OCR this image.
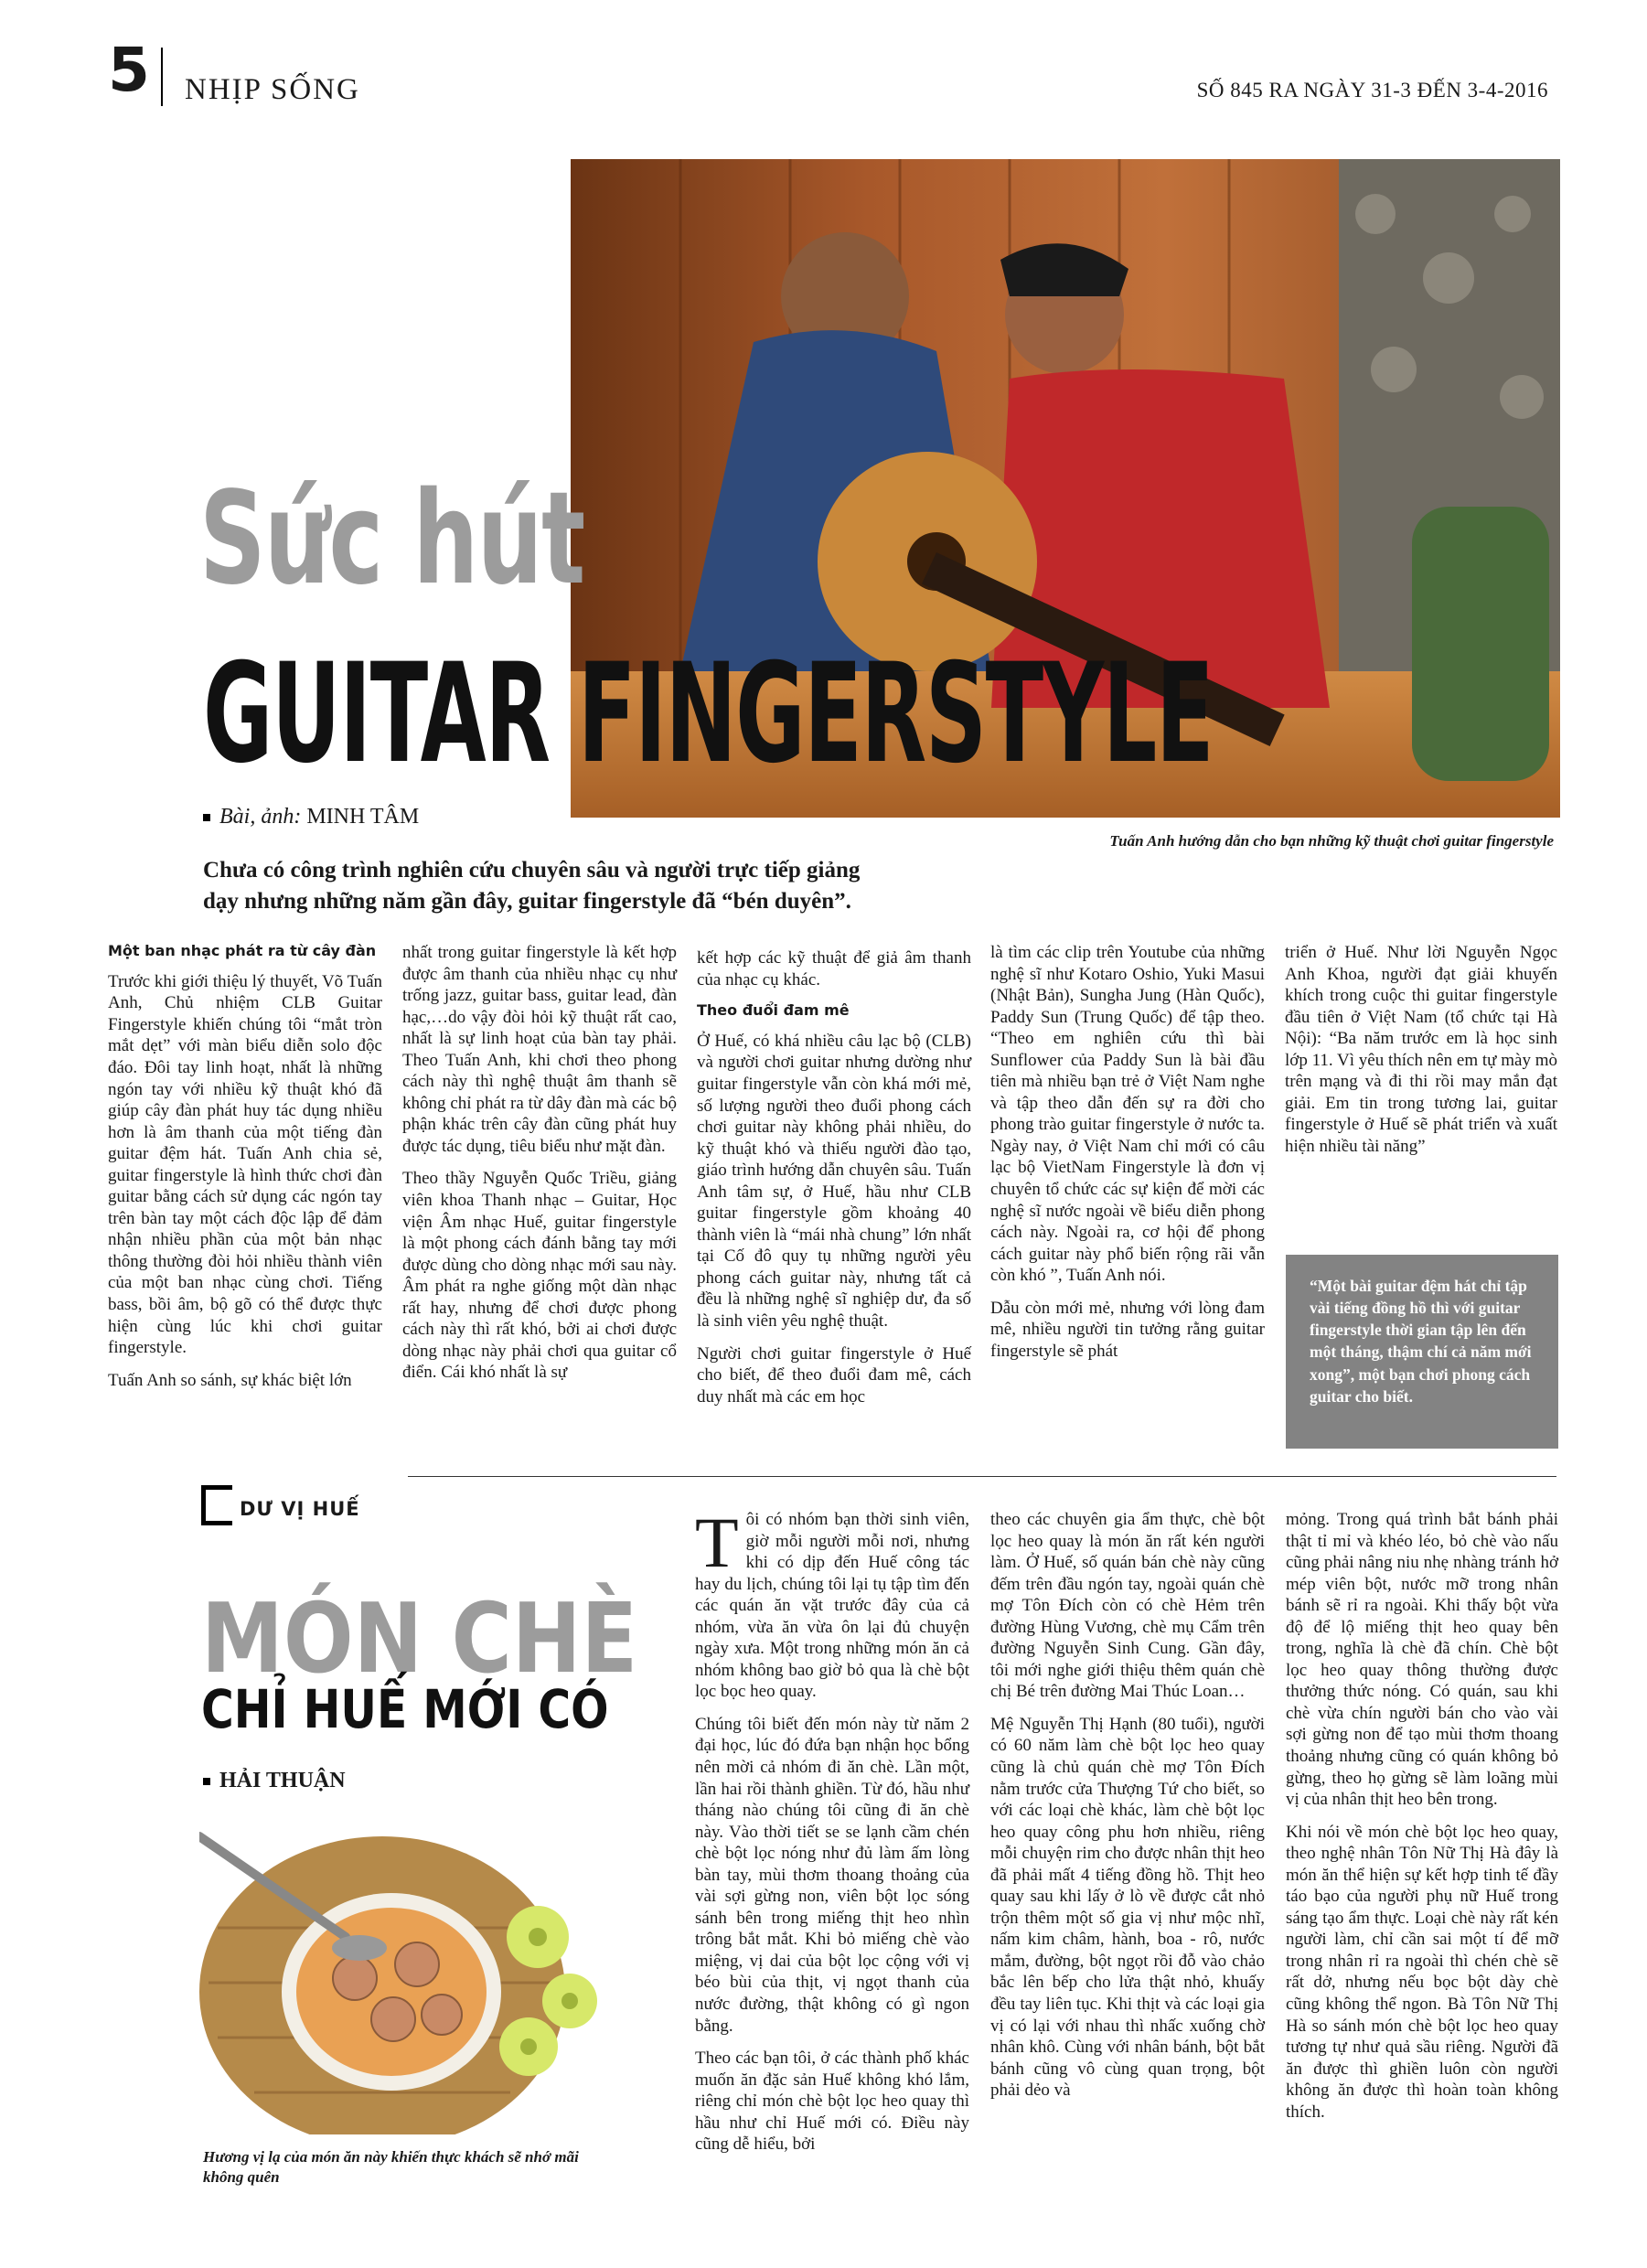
5 NHỊP SỐNG	SỐ 845 RA NGÀY 31-3 ĐẾN 3-4-2016
Sức hút
GUITAR FINGERSTYLE
Bài, ảnh: MINH TÂM
Tuấn Anh hướng dẫn cho bạn những kỹ thuật chơi guitar fingerstyle
Chưa có công trình nghiên cứu chuyên sâu và người trực tiếp giảng dạy nhưng những năm gần đây, guitar fingerstyle đã “bén duyên”.
Một ban nhạc phát ra từ cây đàn

Trước khi giới thiệu lý thuyết, Võ Tuấn Anh, Chủ nhiệm CLB Guitar Fingerstyle khiến chúng tôi “mắt tròn mắt dẹt” với màn biểu diễn solo độc đáo. Đôi tay linh hoạt, nhất là những ngón tay với nhiều kỹ thuật khó đã giúp cây đàn phát huy tác dụng nhiều hơn là âm thanh của một tiếng đàn guitar đệm hát. Tuấn Anh chia sẻ, guitar fingerstyle là hình thức chơi đàn guitar bằng cách sử dụng các ngón tay trên bàn tay một cách độc lập để đảm nhận nhiều phần của một bản nhạc thông thường đòi hỏi nhiều thành viên của một ban nhạc cùng chơi. Tiếng bass, bồi âm, bộ gõ có thể được thực hiện cùng lúc khi chơi guitar fingerstyle.

Tuấn Anh so sánh, sự khác biệt lớn

nhất trong guitar fingerstyle là kết hợp được âm thanh của nhiều nhạc cụ như trống jazz, guitar bass, guitar lead, đàn hạc,…do vậy đòi hỏi kỹ thuật rất cao, nhất là sự linh hoạt của bàn tay phải. Theo Tuấn Anh, khi chơi theo phong cách này thì nghệ thuật âm thanh sẽ không chỉ phát ra từ dây đàn mà các bộ phận khác trên cây đàn cũng phát huy được tác dụng, tiêu biểu như mặt đàn.

Theo thầy Nguyễn Quốc Triều, giảng viên khoa Thanh nhạc – Guitar, Học viện Âm nhạc Huế, guitar fingerstyle là một phong cách đánh bằng tay mới được dùng cho dòng nhạc mới sau này. Âm phát ra nghe giống một dàn nhạc rất hay, nhưng để chơi được phong cách này thì rất khó, bởi ai chơi được dòng nhạc này phải chơi qua guitar cổ điển. Cái khó nhất là sự

kết hợp các kỹ thuật để giả âm thanh của nhạc cụ khác.

Theo đuổi đam mê

Ở Huế, có khá nhiều câu lạc bộ (CLB) và người chơi guitar nhưng dường như guitar fingerstyle vẫn còn khá mới mẻ, số lượng người theo đuổi phong cách chơi guitar này không phải nhiều, do kỹ thuật khó và thiếu người đào tạo, giáo trình hướng dẫn chuyên sâu. Tuấn Anh tâm sự, ở Huế, hầu như CLB guitar fingerstyle gồm khoảng 40 thành viên là “mái nhà chung” lớn nhất tại Cố đô quy tụ những người yêu phong cách guitar này, nhưng tất cả đều là những nghệ sĩ nghiệp dư, đa số là sinh viên yêu nghệ thuật.

Người chơi guitar fingerstyle ở Huế cho biết, để theo đuổi đam mê, cách duy nhất mà các em học

là tìm các clip trên Youtube của những nghệ sĩ như Kotaro Oshio, Yuki Masui (Nhật Bản), Sungha Jung (Hàn Quốc), Paddy Sun (Trung Quốc) để tập theo. “Theo em nghiên cứu thì bài Sunflower của Paddy Sun là bài đầu tiên mà nhiều bạn trẻ ở Việt Nam nghe và tập theo dẫn đến sự ra đời cho phong trào guitar fingerstyle ở nước ta. Ngày nay, ở Việt Nam chỉ mới có câu lạc bộ VietNam Fingerstyle là đơn vị chuyên tổ chức các sự kiện để mời các nghệ sĩ nước ngoài về biểu diễn phong cách này. Ngoài ra, cơ hội để phong cách guitar này phổ biến rộng rãi vẫn còn khó ”, Tuấn Anh nói.

Dẫu còn mới mẻ, nhưng với lòng đam mê, nhiều người tin tưởng rằng guitar fingerstyle sẽ phát

triển ở Huế. Như lời Nguyễn Ngọc Anh Khoa, người đạt giải khuyến khích trong cuộc thi guitar fingerstyle đầu tiên ở Việt Nam (tổ chức tại Hà Nội): “Ba năm trước em là học sinh lớp 11. Vì yêu thích nên em tự mày mò trên mạng và đi thi rồi may mắn đạt giải. Em tin trong tương lai, guitar fingerstyle ở Huế sẽ phát triển và xuất hiện nhiều tài năng”

“Một bài guitar đệm hát chỉ tập vài tiếng đồng hồ thì với guitar fingerstyle thời gian tập lên đến một tháng, thậm chí cả năm mới xong”, một bạn chơi phong cách guitar cho biết.
DƯ VỊ HUẾ
MÓN CHÈ
CHỈ HUẾ MỚI CÓ
HẢI THUẬN
Hương vị lạ của món ăn này khiến thực khách sẽ nhớ mãi không quên

Tôi có nhóm bạn thời sinh viên, giờ mỗi người mỗi nơi, nhưng khi có dịp đến Huế công tác hay du lịch, chúng tôi lại tụ tập tìm đến các quán ăn vặt trước đây của cả nhóm, vừa ăn vừa ôn lại đủ chuyện ngày xưa. Một trong những món ăn cả nhóm không bao giờ bỏ qua là chè bột lọc bọc heo quay.

Chúng tôi biết đến món này từ năm 2 đại học, lúc đó đứa bạn nhận học bổng nên mời cả nhóm đi ăn chè. Lần một, lần hai rồi thành ghiền. Từ đó, hầu như tháng nào chúng tôi cũng đi ăn chè này. Vào thời tiết se se lạnh cầm chén chè bột lọc nóng như đủ làm ấm lòng bàn tay, mùi thơm thoang thoảng của vài sợi gừng non, viên bột lọc sóng sánh bên trong miếng thịt heo nhìn trông bắt mắt. Khi bỏ miếng chè vào miệng, vị dai của bột lọc cộng với vị béo bùi của thịt, vị ngọt thanh của nước đường, thật không có gì ngon bằng.

Theo các bạn tôi, ở các thành phố khác muốn ăn đặc sản Huế không khó lắm, riêng chỉ món chè bột lọc heo quay thì hầu như chỉ Huế mới có. Điều này cũng dễ hiểu, bởi

theo các chuyên gia ẩm thực, chè bột lọc heo quay là món ăn rất kén người làm. Ở Huế, số quán bán chè này cũng đếm trên đầu ngón tay, ngoài quán chè mợ Tôn Đích còn có chè Hẻm trên đường Hùng Vương, chè mụ Cẩm trên đường Nguyễn Sinh Cung. Gần đây, tôi mới nghe giới thiệu thêm quán chè chị Bé trên đường Mai Thúc Loan…

Mệ Nguyễn Thị Hạnh (80 tuổi), người có 60 năm làm chè bột lọc heo quay cũng là chủ quán chè mợ Tôn Đích nằm trước cửa Thượng Tứ cho biết, so với các loại chè khác, làm chè bột lọc heo quay công phu hơn nhiều, riêng mỗi chuyện rim cho được nhân thịt heo đã phải mất 4 tiếng đồng hồ. Thịt heo quay sau khi lấy ở lò về được cắt nhỏ trộn thêm một số gia vị như mộc nhĩ, nấm kim châm, hành, boa - rô, nước mắm, đường, bột ngọt rồi đỗ vào chảo bắc lên bếp cho lửa thật nhỏ, khuấy đều tay liên tục. Khi thịt và các loại gia vị có lại với nhau thì nhấc xuống chờ nhân khô. Cùng với nhân bánh, bột bắt bánh cũng vô cùng quan trọng, bột phải dẻo và

mỏng. Trong quá trình bắt bánh phải thật tỉ mỉ và khéo léo, bỏ chè vào nấu cũng phải nâng niu nhẹ nhàng tránh hở mép viên bột, nước mỡ trong nhân bánh sẽ rỉ ra ngoài. Khi thấy bột vừa độ để lộ miếng thịt heo quay bên trong, nghĩa là chè đã chín. Chè bột lọc heo quay thông thường được thưởng thức nóng. Có quán, sau khi chè vừa chín người bán cho vào vài sợi gừng non để tạo mùi thơm thoang thoảng nhưng cũng có quán không bỏ gừng, theo họ gừng sẽ làm loãng mùi vị của nhân thịt heo bên trong.

Khi nói về món chè bột lọc heo quay, theo nghệ nhân Tôn Nữ Thị Hà đây là món ăn thể hiện sự kết hợp tinh tế đầy táo bạo của người phụ nữ Huế trong sáng tạo ẩm thực. Loại chè này rất kén người làm, chỉ cần sai một tí để mỡ trong nhân rỉ ra ngoài thì chén chè sẽ rất dở, nhưng nếu bọc bột dày chè cũng không thể ngon. Bà Tôn Nữ Thị Hà so sánh món chè bột lọc heo quay tương tự như quả sầu riêng. Người đã ăn được thì ghiền luôn còn người không ăn được thì hoàn toàn không thích.
